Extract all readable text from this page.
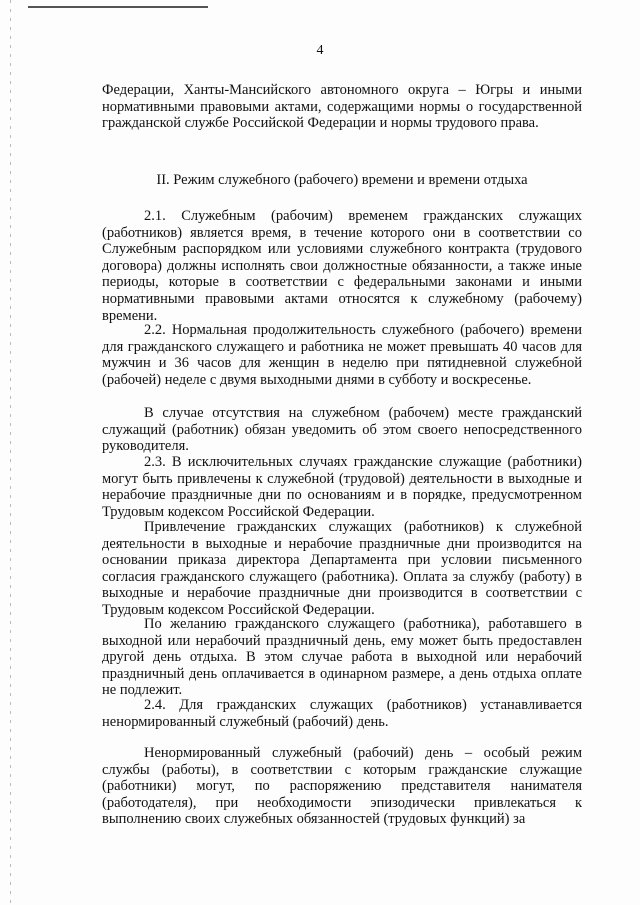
4
Федерации, Ханты-Мансийского автономного округа – Югры и иными нормативными правовыми актами, содержащими нормы о государственной гражданской службе Российской Федерации и нормы трудового права.
II. Режим служебного (рабочего) времени и времени отдыха
2.1. Служебным (рабочим) временем гражданских служащих (работников) является время, в течение которого они в соответствии со Служебным распорядком или условиями служебного контракта (трудового договора) должны исполнять свои должностные обязанности, а также иные периоды, которые в соответствии с федеральными законами и иными нормативными правовыми актами относятся к служебному (рабочему) времени.
2.2. Нормальная продолжительность служебного (рабочего) времени для гражданского служащего и работника не может превышать 40 часов для мужчин и 36 часов для женщин в неделю при пятидневной служебной (рабочей) неделе с двумя выходными днями в субботу и воскресенье.
В случае отсутствия на служебном (рабочем) месте гражданский служащий (работник) обязан уведомить об этом своего непосредственного руководителя.
2.3. В исключительных случаях гражданские служащие (работники) могут быть привлечены к служебной (трудовой) деятельности в выходные и нерабочие праздничные дни по основаниям и в порядке, предусмотренном Трудовым кодексом Российской Федерации.
Привлечение гражданских служащих (работников) к служебной деятельности в выходные и нерабочие праздничные дни производится на основании приказа директора Департамента при условии письменного согласия гражданского служащего (работника). Оплата за службу (работу) в выходные и нерабочие праздничные дни производится в соответствии с Трудовым кодексом Российской Федерации.
По желанию гражданского служащего (работника), работавшего в выходной или нерабочий праздничный день, ему может быть предоставлен другой день отдыха. В этом случае работа в выходной или нерабочий праздничный день оплачивается в одинарном размере, а день отдыха оплате не подлежит.
2.4. Для гражданских служащих (работников) устанавливается ненормированный служебный (рабочий) день.
Ненормированный служебный (рабочий) день – особый режим службы (работы), в соответствии с которым гражданские служащие (работники) могут, по распоряжению представителя нанимателя (работодателя), при необходимости эпизодически привлекаться к выполнению своих служебных обязанностей (трудовых функций) за
